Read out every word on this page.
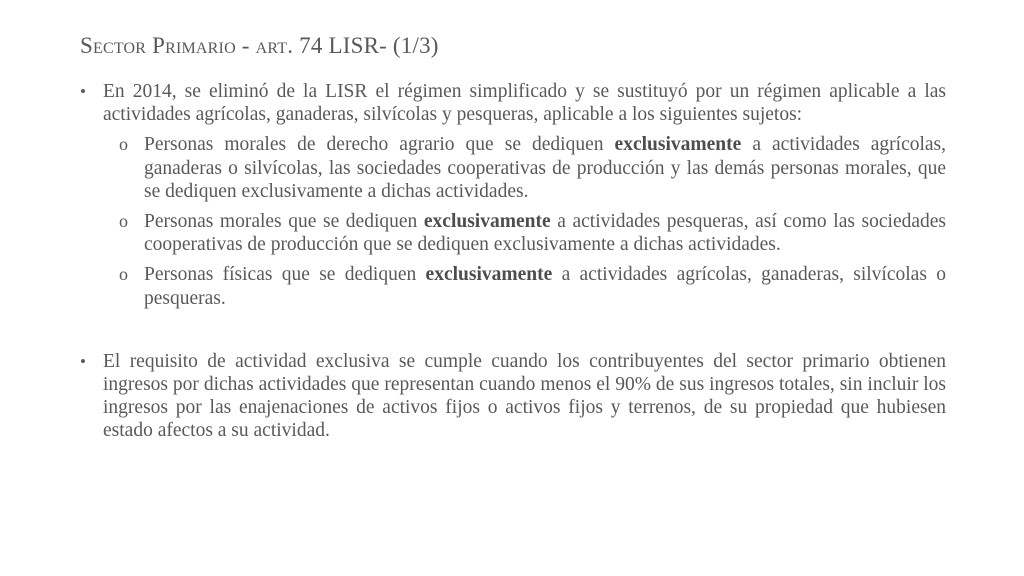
Sector Primario - art. 74 LISR- (1/3)
• En 2014, se eliminó de la LISR el régimen simplificado y se sustituyó por un régimen aplicable a las actividades agrícolas, ganaderas, silvícolas y pesqueras, aplicable a los siguientes sujetos:
o Personas morales de derecho agrario que se dediquen exclusivamente a actividades agrícolas, ganaderas o silvícolas, las sociedades cooperativas de producción y las demás personas morales, que se dediquen exclusivamente a dichas actividades.
o Personas morales que se dediquen exclusivamente a actividades pesqueras, así como las sociedades cooperativas de producción que se dediquen exclusivamente a dichas actividades.
o Personas físicas que se dediquen exclusivamente a actividades agrícolas, ganaderas, silvícolas o pesqueras.
• El requisito de actividad exclusiva se cumple cuando los contribuyentes del sector primario obtienen ingresos por dichas actividades que representan cuando menos el 90% de sus ingresos totales, sin incluir los ingresos por las enajenaciones de activos fijos o activos fijos y terrenos, de su propiedad que hubiesen estado afectos a su actividad.
